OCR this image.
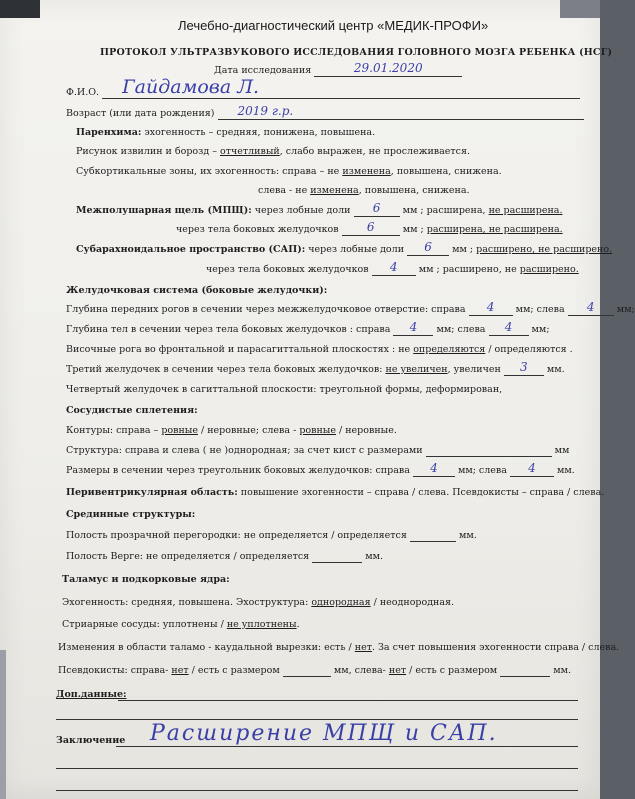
Лечебно-диагностический центр «МЕДИК-ПРОФИ»
ПРОТОКОЛ УЛЬТРАЗВУКОВОГО ИССЛЕДОВАНИЯ ГОЛОВНОГО МОЗГА РЕБЕНКА (НСГ)
Дата исследования	29.01.2020
Ф.И.О. Гайдамова Л.
Возраст (или дата рождения) 2019 г.р.
Паренхима: эхогенность – средняя, понижена, повышена.
Рисунок извилин и борозд – отчетливый, слабо выражен, не прослеживается.
Субкортикальные зоны, их эхогенность: справа – не изменена, повышена, снижена.
слева - не изменена, повышена, снижена.
Межполушарная щель (МПЩ): через лобные доли	6	мм ; расширена, не расширена.
через тела боковых желудочков	6	мм ; расширена, не расширена.
Субарахноидальное пространство (САП): через лобные доли	6	мм ; расширено, не расширено.
через тела боковых желудочков	4	мм ; расширено, не расширено.
Желудочковая система (боковые желудочки):
Глубина передних рогов в сечении через межжелудочковое отверстие: справа	4	мм; слева	4	мм;
Глубина тел в сечении через тела боковых желудочков : справа	4	мм; слева	4	мм;
Височные рога во фронтальной и парасагиттальной плоскостях : не определяются / определяются .
Третий желудочек в сечении через тела боковых желудочков: не увеличен, увеличен	3	мм.
Четвертый желудочек в сагиттальной плоскости: треугольной формы, деформирован,
Сосудистые сплетения:
Контуры: справа – ровные / неровные; слева - ровные / неровные.
Структура: справа и слева ( не )однородная; за счет кист с размерами	мм
Размеры в сечении через треугольник боковых желудочков: справа	4	мм; слева	4	мм.
Перивентрикулярная область: повышение эхогенности – справа / слева. Псевдокисты – справа / слева.
Срединные структуры:
Полость прозрачной перегородки: не определяется / определяется	мм.
Полость Верге: не определяется / определяется	мм.
Таламус и подкорковые ядра:
Эхогенность: средняя, повышена. Эхоструктура: однородная / неоднородная.
Стриарные сосуды: уплотнены / не уплотнены.
Изменения в области таламо - каудальной вырезки: есть / нет. За счет повышения эхогенности справа / слева.
Псевдокисты: справа- нет / есть с размером	мм, слева- нет / есть с размером	мм.
Доп.данные:
Заключение Расширение МПЩ и САП.
